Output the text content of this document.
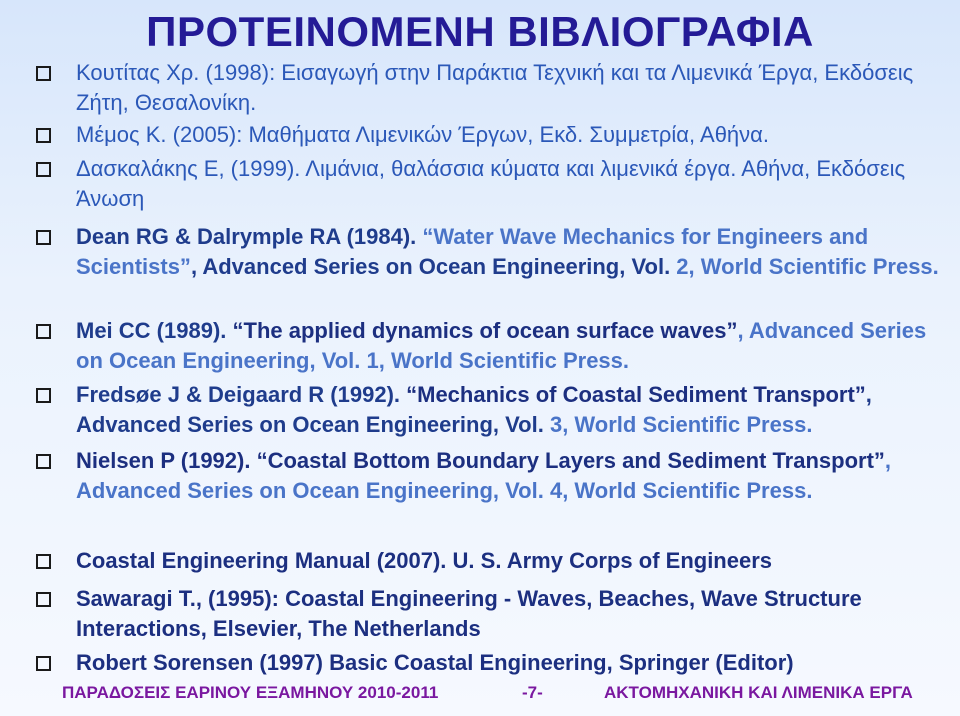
ΠΡΟΤΕΙΝΟΜΕΝΗ ΒΙΒΛΙΟΓΡΑΦΙΑ
Κουτίτας Χρ. (1998): Εισαγωγή στην Παράκτια Τεχνική και τα Λιμενικά Έργα, Εκδόσεις Ζήτη, Θεσαλονίκη.
Μέμος Κ. (2005): Μαθήματα Λιμενικών Έργων, Εκδ. Συμμετρία, Αθήνα.
Δασκαλάκης Ε, (1999). Λιμάνια, θαλάσσια κύματα και λιμενικά έργα. Αθήνα, Εκδόσεις Άνωση
Dean RG & Dalrymple RA (1984). “Water Wave Mechanics for Engineers and Scientists”, Advanced Series on Ocean Engineering, Vol. 2, World Scientific Press.
Mei CC (1989). “The applied dynamics of ocean surface waves”, Advanced Series on Ocean Engineering, Vol. 1, World Scientific Press.
Fredsøe J & Deigaard R (1992). “Mechanics of Coastal Sediment Transport”, Advanced Series on Ocean Engineering, Vol. 3, World Scientific Press.
Nielsen P (1992). “Coastal Bottom Boundary Layers and Sediment Transport”, Advanced Series on Ocean Engineering, Vol. 4, World Scientific Press.
Coastal Engineering Manual (2007). U. S. Army Corps of Engineers
Sawaragi T., (1995): Coastal Engineering - Waves, Beaches, Wave Structure Interactions, Elsevier, The Netherlands
Robert Sorensen (1997) Basic Coastal Engineering, Springer (Editor)
ΠΑΡΑΔΟΣΕΙΣ ΕΑΡΙΝΟΥ ΕΞΑΜΗΝΟΥ 2010-2011	-7-	ΑΚΤΟΜΗΧΑΝΙΚΗ ΚΑΙ ΛΙΜΕΝΙΚΑ ΕΡΓΑ
